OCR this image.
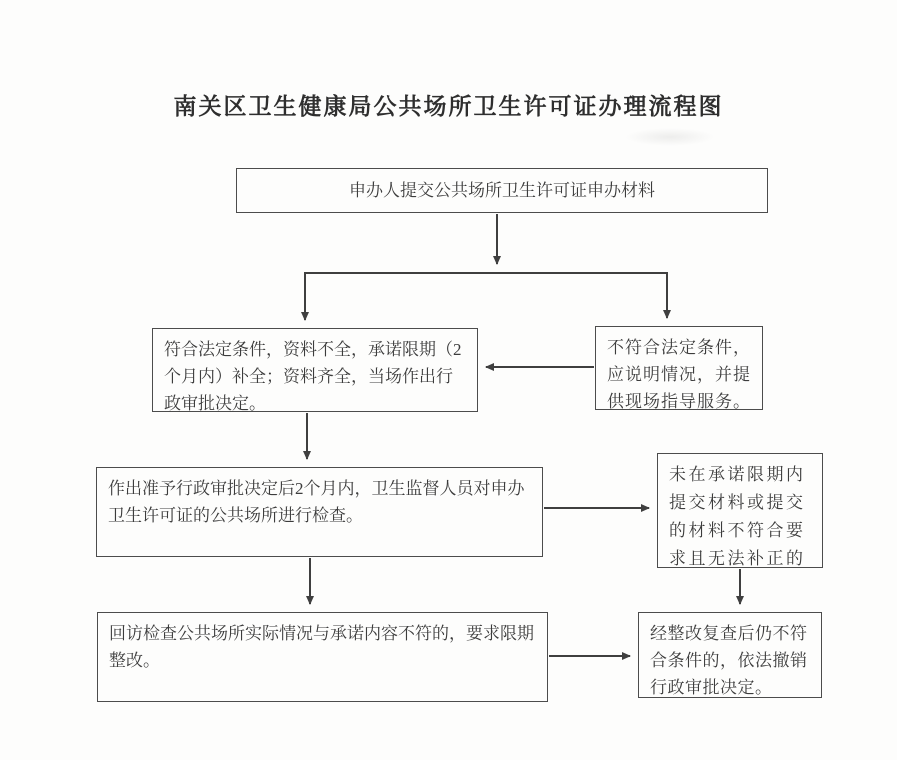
南关区卫生健康局公共场所卫生许可证办理流程图
申办人提交公共场所卫生许可证申办材料
符合法定条件，资料不全，承诺限期（2个月内）补全；资料齐全，当场作出行政审批决定。
不符合法定条件，应说明情况，并提供现场指导服务。
作出准予行政审批决定后2个月内，卫生监督人员对申办卫生许可证的公共场所进行检查。
未在承诺限期内提交材料或提交的材料不符合要求且无法补正的
回访检查公共场所实际情况与承诺内容不符的，要求限期整改。
经整改复查后仍不符合条件的，依法撤销行政审批决定。
